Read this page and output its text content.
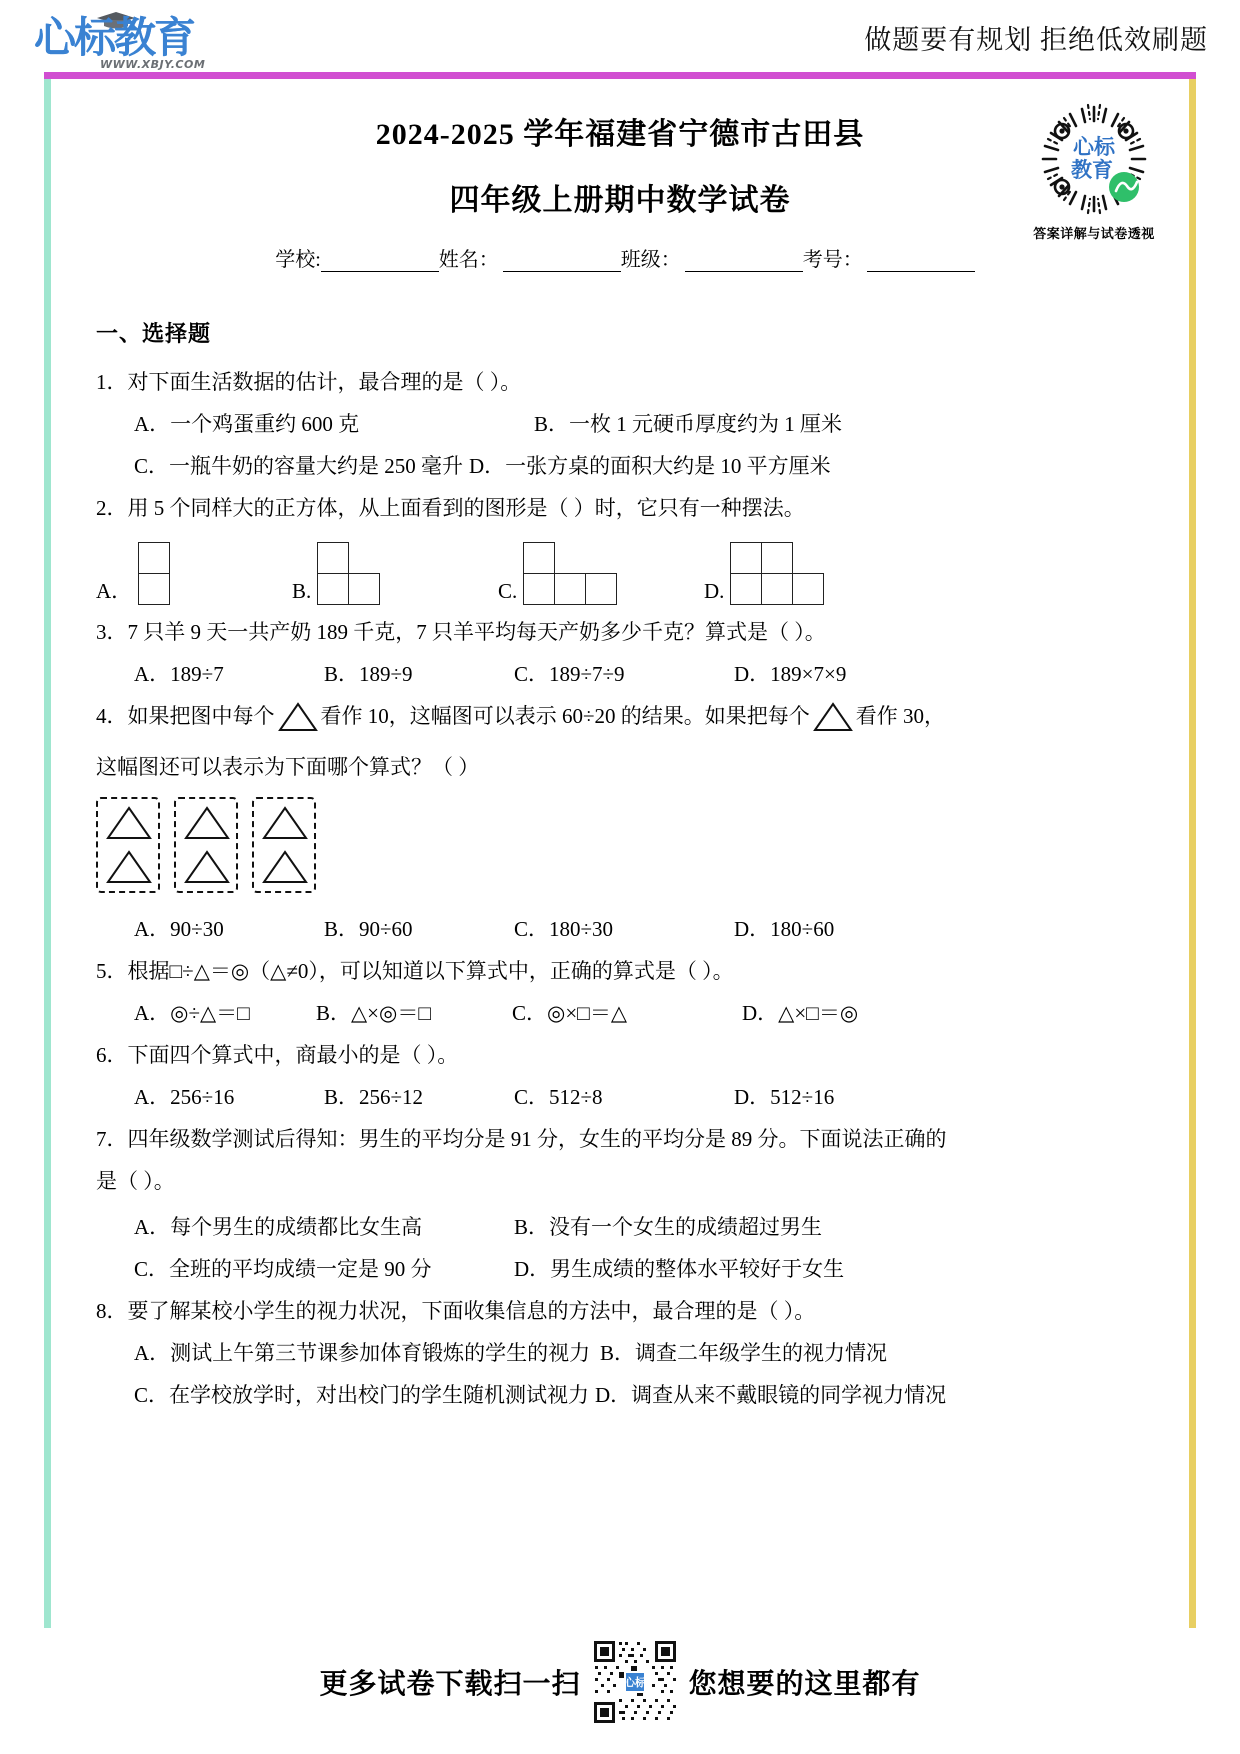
心标教育
WWW.XBJY.COM
做题要有规划 拒绝低效刷题
心标
教育
答案详解与试卷透视
2024-2025 学年福建省宁德市古田县
四年级上册期中数学试卷
学校:	姓名：	班级：	考号：
一、选择题
1．对下面生活数据的估计，最合理的是（ ）。
A．一个鸡蛋重约 600 克	B．一枚 1 元硬币厚度约为 1 厘米
C．一瓶牛奶的容量大约是 250 毫升 D．一张方桌的面积大约是 10 平方厘米
2．用 5 个同样大的正方体，从上面看到的图形是（ ）时，它只有一种摆法。
A．	B.	C.	D.
3．7 只羊 9 天一共产奶 189 千克，7 只羊平均每天产奶多少千克？算式是（ ）。
A．189÷7	B．189÷9	C．189÷7÷9	D．189×7×9
4．如果把图中每个 看作 10，这幅图可以表示 60÷20 的结果。如果把每个 看作 30，
这幅图还可以表示为下面哪个算式？（ ）
A．90÷30	B．90÷60	C．180÷30	D．180÷60
5．根据□÷△＝◎（△≠0），可以知道以下算式中，正确的算式是（ ）。
A．◎÷△＝□	B．△×◎＝□	C．◎×□＝△	D．△×□＝◎
6．下面四个算式中，商最小的是（ ）。
A．256÷16	B．256÷12	C．512÷8	D．512÷16
7．四年级数学测试后得知：男生的平均分是 91 分，女生的平均分是 89 分。下面说法正确的
是（ ）。
A．每个男生的成绩都比女生高	B．没有一个女生的成绩超过男生
C．全班的平均成绩一定是 90 分	D．男生成绩的整体水平较好于女生
8．要了解某校小学生的视力状况，下面收集信息的方法中，最合理的是（ ）。
A．测试上午第三节课参加体育锻炼的学生的视力 B．调查二年级学生的视力情况
C．在学校放学时，对出校门的学生随机测试视力 D．调查从来不戴眼镜的同学视力情况
更多试卷下载扫一扫	心标 您想要的这里都有
